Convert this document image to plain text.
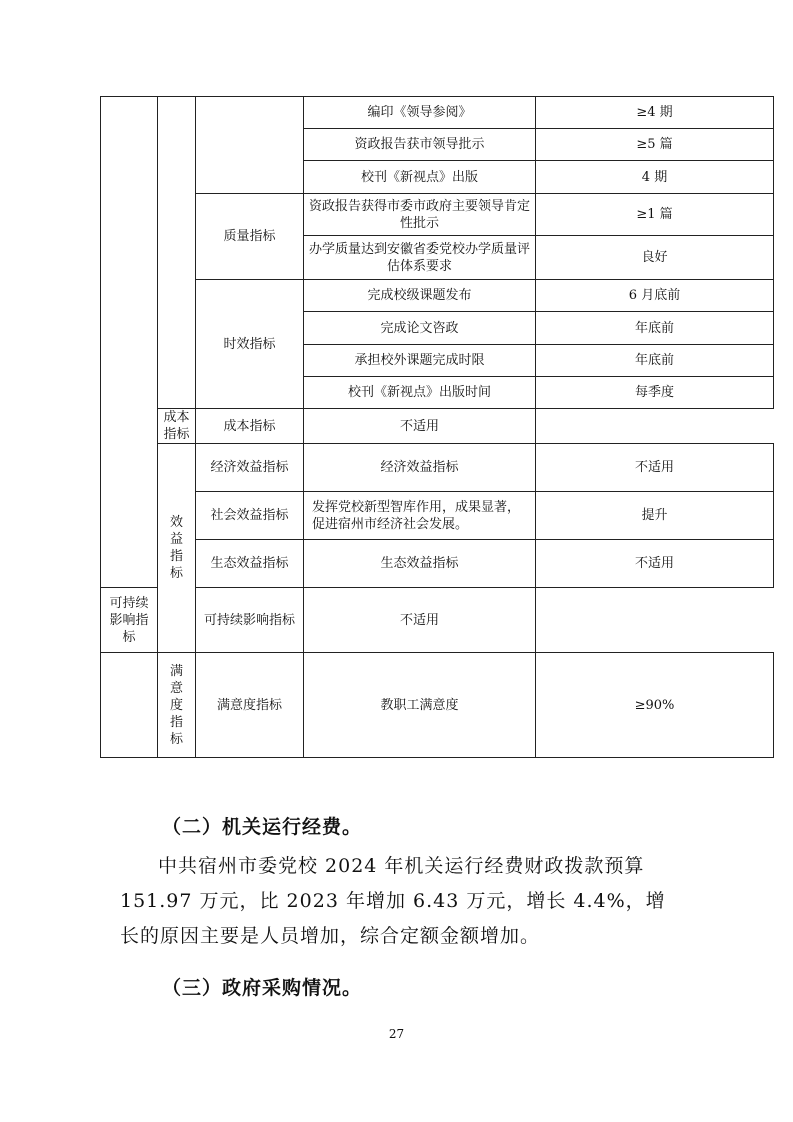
			编印《领导参阅》	≥4 期
			资政报告获市领导批示	≥5 篇
			校刊《新视点》出版	4 期
		质量指标	资政报告获得市委市政府主要领导肯定性批示	≥1 篇
			办学质量达到安徽省委党校办学质量评估体系要求	良好
		时效指标	完成校级课题发布	6 月底前
			完成论文咨政	年底前
			承担校外课题完成时限	年底前
			校刊《新视点》出版时间	每季度
	成本指标	成本指标	不适用	
	效益指标	经济效益指标	经济效益指标	不适用
		社会效益指标	发挥党校新型智库作用，成果显著，促进宿州市经济社会发展。	提升
		生态效益指标	生态效益指标	不适用
可持续影响指标		可持续影响指标	不适用	
	满意度指标	满意度指标	教职工满意度	≥90%
（二）机关运行经费。
中共宿州市委党校 2024 年机关运行经费财政拨款预算 151.97 万元，比 2023 年增加 6.43 万元，增长 4.4%，增长的原因主要是人员增加，综合定额金额增加。
（三）政府采购情况。
27
